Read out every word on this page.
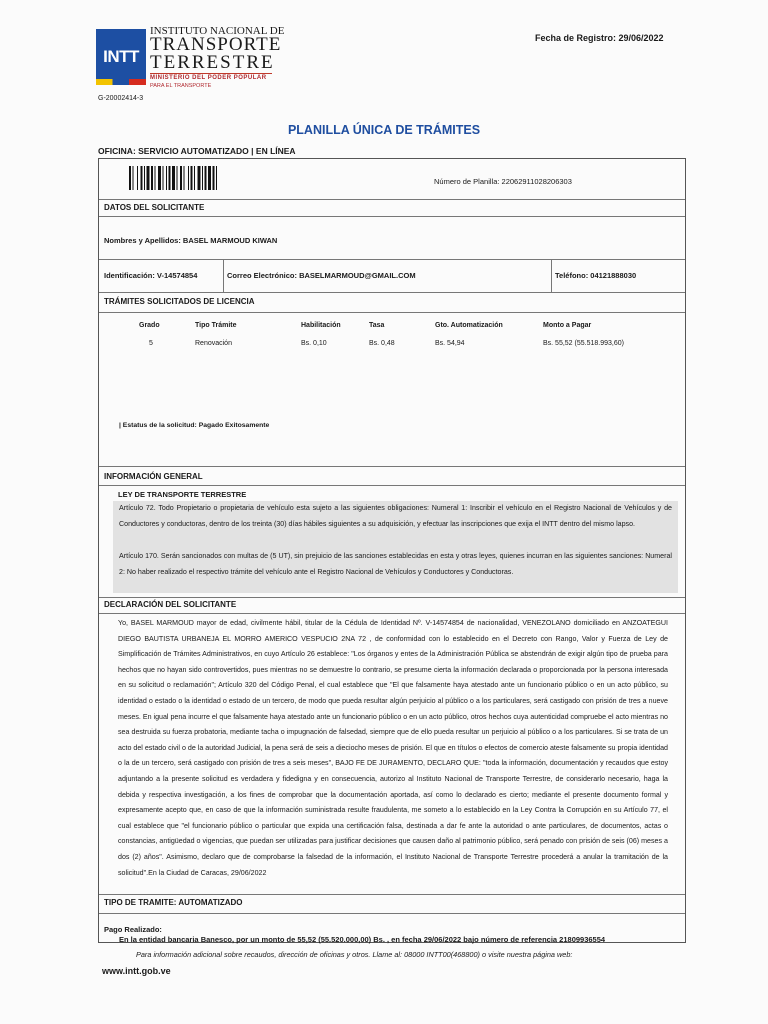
INTT
INSTITUTO NACIONAL DE
TRANSPORTE
TERRESTRE
MINISTERIO DEL PODER POPULAR
PARA EL TRANSPORTE
G-20002414-3
Fecha de Registro: 29/06/2022
PLANILLA ÚNICA DE TRÁMITES
OFICINA: SERVICIO AUTOMATIZADO | EN LÍNEA
Número de Planilla: 22062911028206303
DATOS DEL SOLICITANTE
Nombres y Apellidos: BASEL MARMOUD KIWAN
Identificación: V-14574854	Correo Electrónico: BASELMARMOUD@GMAIL.COM	Teléfono: 04121888030
TRÁMITES SOLICITADOS DE LICENCIA
Grado	Tipo Trámite	Habilitación	Tasa	Gto. Automatización	Monto a Pagar
5	Renovación	Bs. 0,10	Bs. 0,48	Bs. 54,94	Bs. 55,52 (55.518.993,60)
| Estatus de la solicitud: Pagado Exitosamente
INFORMACIÓN GENERAL
LEY DE TRANSPORTE TERRESTRE
Artículo 72. Todo Propietario o propietaria de vehículo esta sujeto a las siguientes obligaciones: Numeral 1: Inscribir el vehículo en el Registro Nacional de Vehículos y de Conductores y conductoras, dentro de los treinta (30) días hábiles siguientes a su adquisición, y efectuar las inscripciones que exija el INTT dentro del mismo lapso.
Artículo 170. Serán sancionados con multas de (5 UT), sin prejuicio de las sanciones establecidas en esta y otras leyes, quienes incurran en las siguientes sanciones: Numeral 2: No haber realizado el respectivo trámite del vehículo ante el Registro Nacional de Vehículos y Conductores y Conductoras.
DECLARACIÓN DEL SOLICITANTE
Yo, BASEL MARMOUD mayor de edad, civilmente hábil, titular de la Cédula de Identidad Nº. V-14574854 de nacionalidad, VENEZOLANO domiciliado en ANZOATEGUI DIEGO BAUTISTA URBANEJA EL MORRO AMERICO VESPUCIO 2NA 72 , de conformidad con lo establecido en el Decreto con Rango, Valor y Fuerza de Ley de Simplificación de Trámites Administrativos, en cuyo Artículo 26 establece: "Los órganos y entes de la Administración Pública se abstendrán de exigir algún tipo de prueba para hechos que no hayan sido controvertidos, pues mientras no se demuestre lo contrario, se presume cierta la información declarada o proporcionada por la persona interesada en su solicitud o reclamación"; Artículo 320 del Código Penal, el cual establece que "El que falsamente haya atestado ante un funcionario público o en un acto público, su identidad o estado o la identidad o estado de un tercero, de modo que pueda resultar algún perjuicio al público o a los particulares, será castigado con prisión de tres a nueve meses. En igual pena incurre el que falsamente haya atestado ante un funcionario público o en un acto público, otros hechos cuya autenticidad compruebe el acto mientras no sea destruida su fuerza probatoria, mediante tacha o impugnación de falsedad, siempre que de ello pueda resultar un perjuicio al público o a los particulares. Si se trata de un acto del estado civil o de la autoridad Judicial, la pena será de seis a dieciocho meses de prisión. El que en títulos o efectos de comercio ateste falsamente su propia identidad o la de un tercero, será castigado con prisión de tres a seis meses", BAJO FE DE JURAMENTO, DECLARO QUE: "toda la información, documentación y recaudos que estoy adjuntando a la presente solicitud es verdadera y fidedigna y en consecuencia, autorizo al Instituto Nacional de Transporte Terrestre, de considerarlo necesario, haga la debida y respectiva investigación, a los fines de comprobar que la documentación aportada, así como lo declarado es cierto; mediante el presente documento formal y expresamente acepto que, en caso de que la información suministrada resulte fraudulenta, me someto a lo establecido en la Ley Contra la Corrupción en su Artículo 77, el cual establece que "el funcionario público o particular que expida una certificación falsa, destinada a dar fe ante la autoridad o ante particulares, de documentos, actas o constancias, antigüedad o vigencias, que puedan ser utilizadas para justificar decisiones que causen daño al patrimonio público, será penado con prisión de seis (06) meses a dos (2) años". Asimismo, declaro que de comprobarse la falsedad de la información, el Instituto Nacional de Transporte Terrestre procederá a anular la tramitación de la solicitud".En la Ciudad de Caracas, 29/06/2022
TIPO DE TRAMITE: AUTOMATIZADO
Pago Realizado:
En la entidad bancaria Banesco, por un monto de 55,52 (55.520.000,00) Bs. , en fecha 29/06/2022 bajo número de referencia 21809936554
Para información adicional sobre recaudos, dirección de oficinas y otros. Llame al: 08000 INTT00(468800) o visite nuestra página web:
www.intt.gob.ve
